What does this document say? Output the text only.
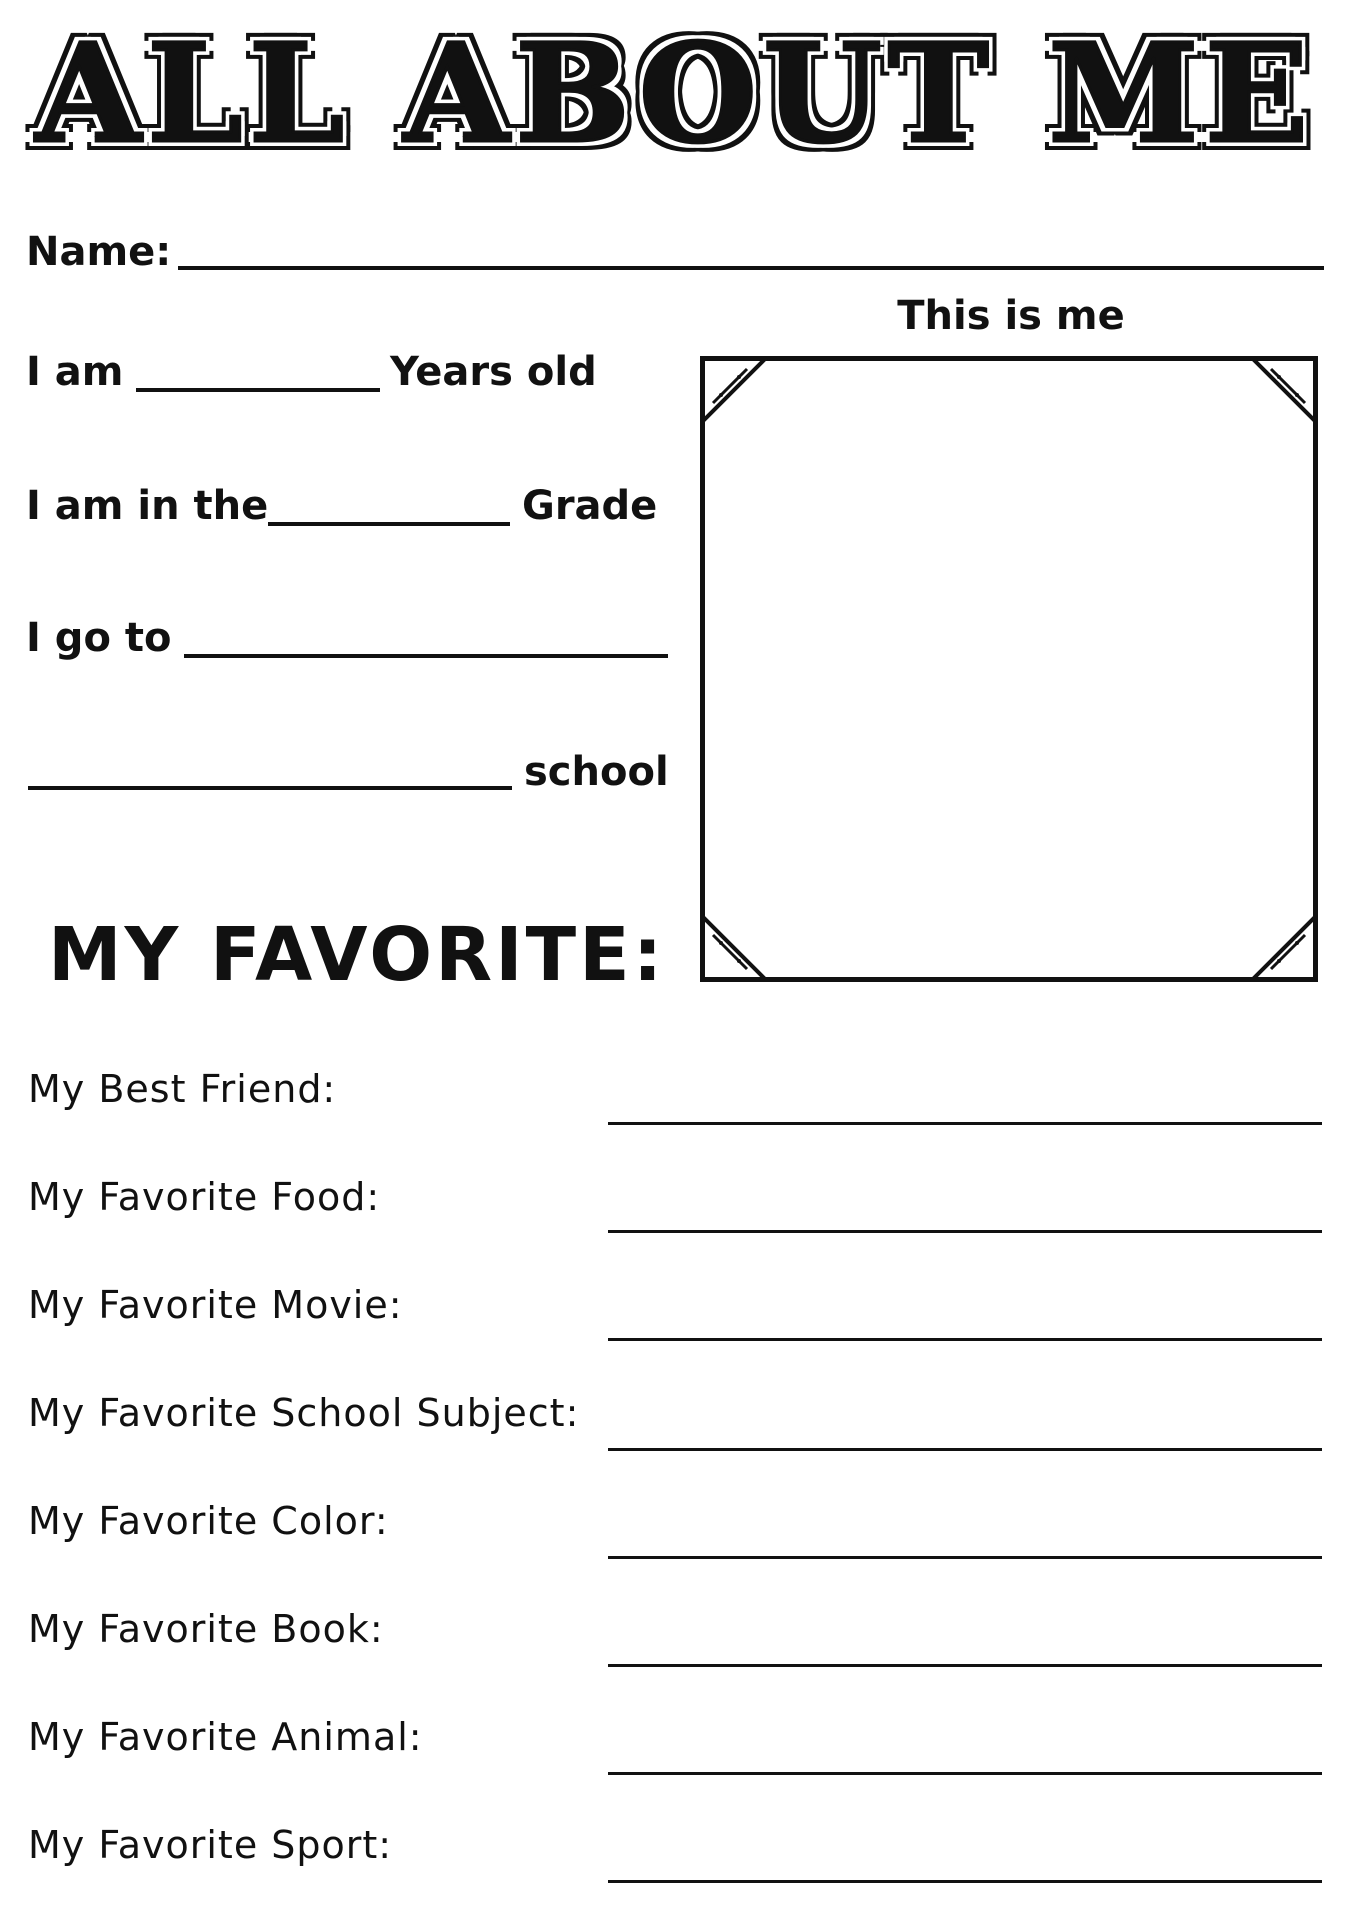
ALL ABOUT ME
Name:
I am	Years old
I am in the	Grade
I go to
school
This is me
MY FAVORITE:
My Best Friend:
My Favorite Food:
My Favorite Movie:
My Favorite School Subject:
My Favorite Color:
My Favorite Book:
My Favorite Animal:
My Favorite Sport:
